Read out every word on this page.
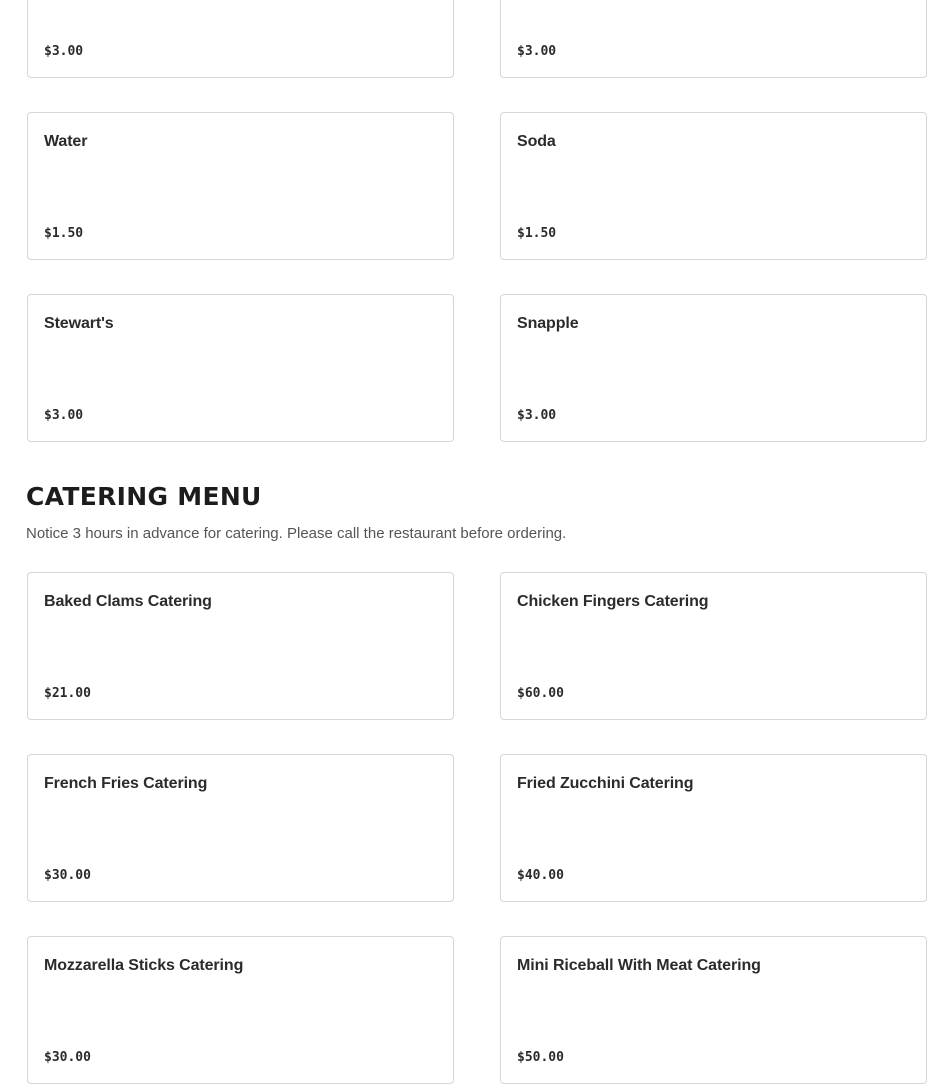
$3.00	$3.00
Water
$1.50
Soda
$1.50
Stewart's
$3.00
Snapple
$3.00
CATERING MENU

Notice 3 hours in advance for catering. Please call the restaurant before ordering.

Baked Clams Catering
$21.00
Chicken Fingers Catering
$60.00
French Fries Catering
$30.00
Fried Zucchini Catering
$40.00
Mozzarella Sticks Catering
$30.00
Mini Riceball With Meat Catering
$50.00
